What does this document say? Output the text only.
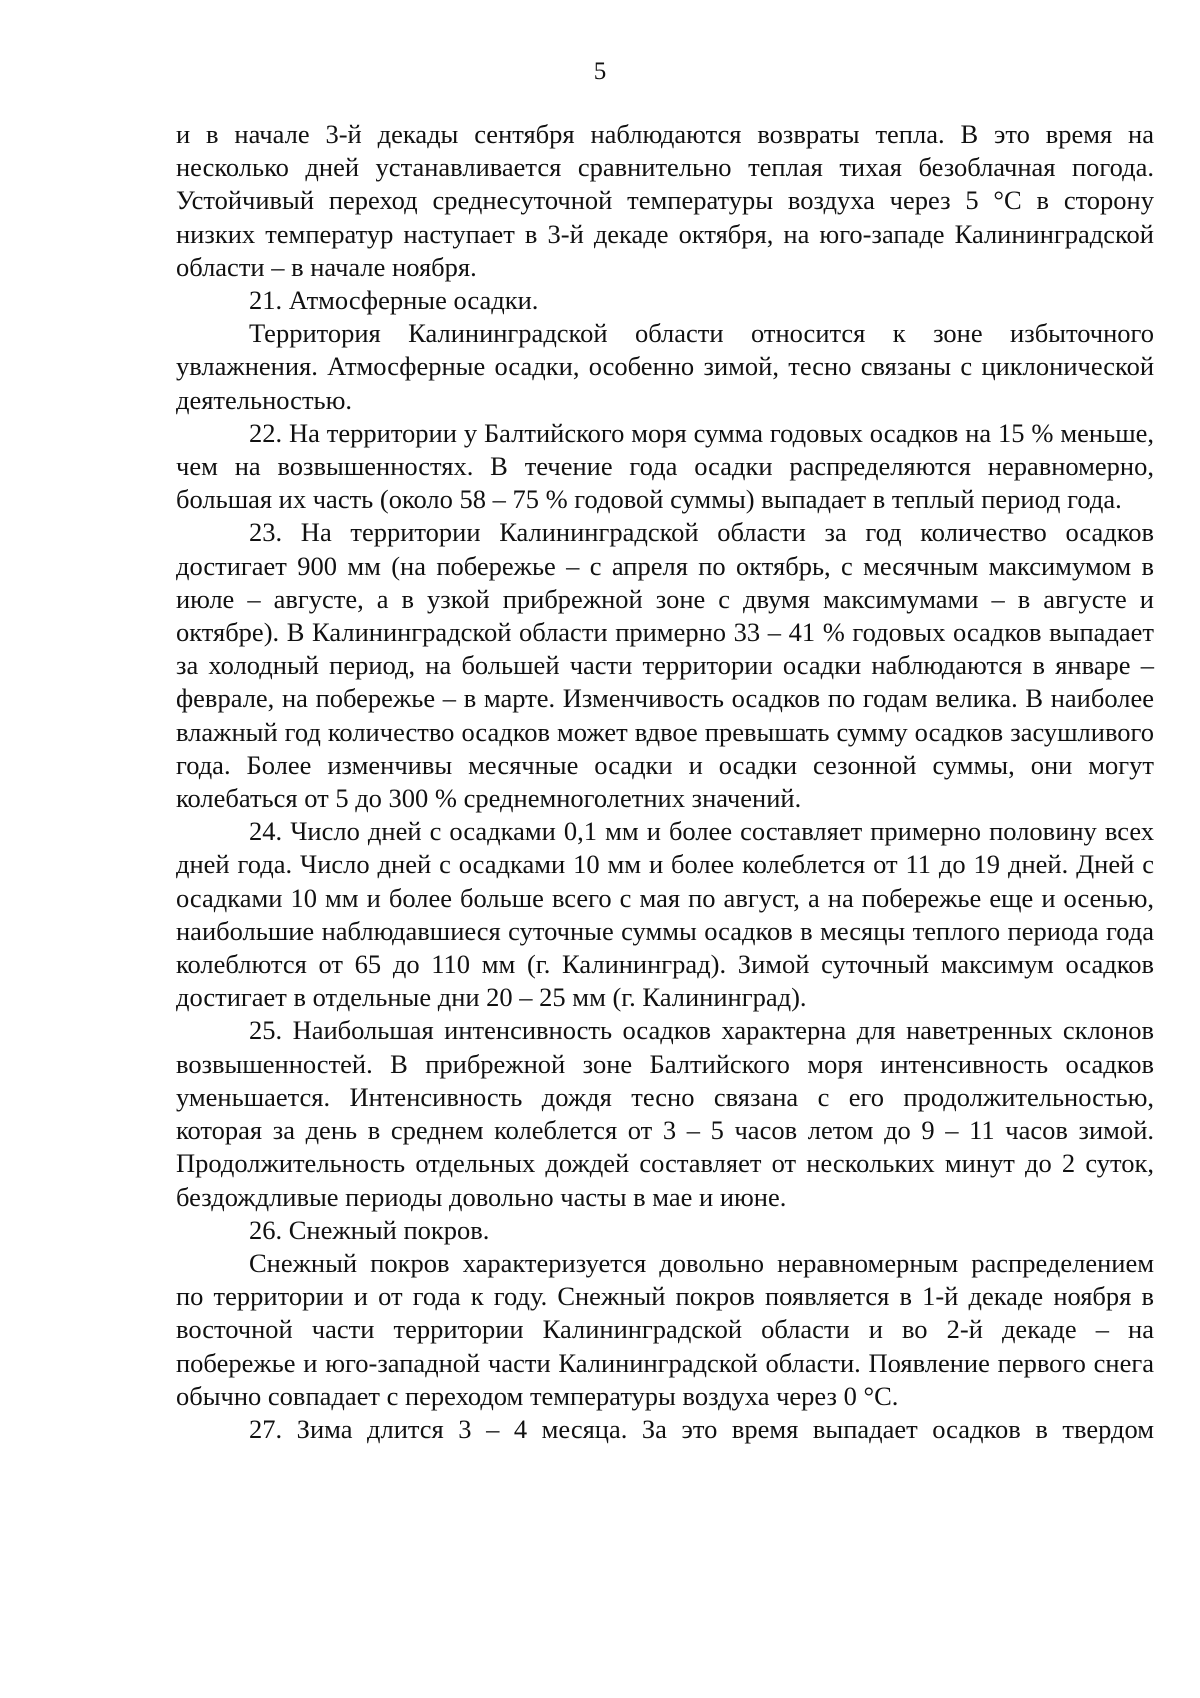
5

и в начале 3-й декады сентября наблюдаются возвраты тепла. В это время на несколько дней устанавливается сравнительно теплая тихая безоблачная погода. Устойчивый переход среднесуточной температуры воздуха через 5 °С в сторону низких температур наступает в 3-й декаде октября, на юго-западе Калининградской области – в начале ноября.

21. Атмосферные осадки.

Территория Калининградской области относится к зоне избыточного увлажнения. Атмосферные осадки, особенно зимой, тесно связаны с циклонической деятельностью.

22. На территории у Балтийского моря сумма годовых осадков на 15 % меньше, чем на возвышенностях. В течение года осадки распределяются неравномерно, большая их часть (около 58 – 75 % годовой суммы) выпадает в теплый период года.

23. На территории Калининградской области за год количество осадков достигает 900 мм (на побережье – с апреля по октябрь, с месячным максимумом в июле – августе, а в узкой прибрежной зоне с двумя максимумами – в августе и октябре). В Калининградской области примерно 33 – 41 % годовых осадков выпадает за холодный период, на большей части территории осадки наблюдаются в январе – феврале, на побережье – в марте. Изменчивость осадков по годам велика. В наиболее влажный год количество осадков может вдвое превышать сумму осадков засушливого года. Более изменчивы месячные осадки и осадки сезонной суммы, они могут колебаться от 5 до 300 % среднемноголетних значений.

24. Число дней с осадками 0,1 мм и более составляет примерно половину всех дней года. Число дней с осадками 10 мм и более колеблется от 11 до 19 дней. Дней с осадками 10 мм и более больше всего с мая по август, а на побережье еще и осенью, наибольшие наблюдавшиеся суточные суммы осадков в месяцы теплого периода года колеблются от 65 до 110 мм (г. Калининград). Зимой суточный максимум осадков достигает в отдельные дни 20 – 25 мм (г. Калининград).

25. Наибольшая интенсивность осадков характерна для наветренных склонов возвышенностей. В прибрежной зоне Балтийского моря интенсивность осадков уменьшается. Интенсивность дождя тесно связана с его продолжительностью, которая за день в среднем колеблется от 3 – 5 часов летом до 9 – 11 часов зимой. Продолжительность отдельных дождей составляет от нескольких минут до 2 суток, бездождливые периоды довольно часты в мае и июне.

26. Снежный покров.

Снежный покров характеризуется довольно неравномерным распределением по территории и от года к году. Снежный покров появляется в 1-й декаде ноября в восточной части территории Калининградской области и во 2-й декаде – на побережье и юго-западной части Калининградской области. Появление первого снега обычно совпадает с переходом температуры воздуха через 0 °С.

27. Зима длится 3 – 4 месяца. За это время выпадает осадков в твердом
